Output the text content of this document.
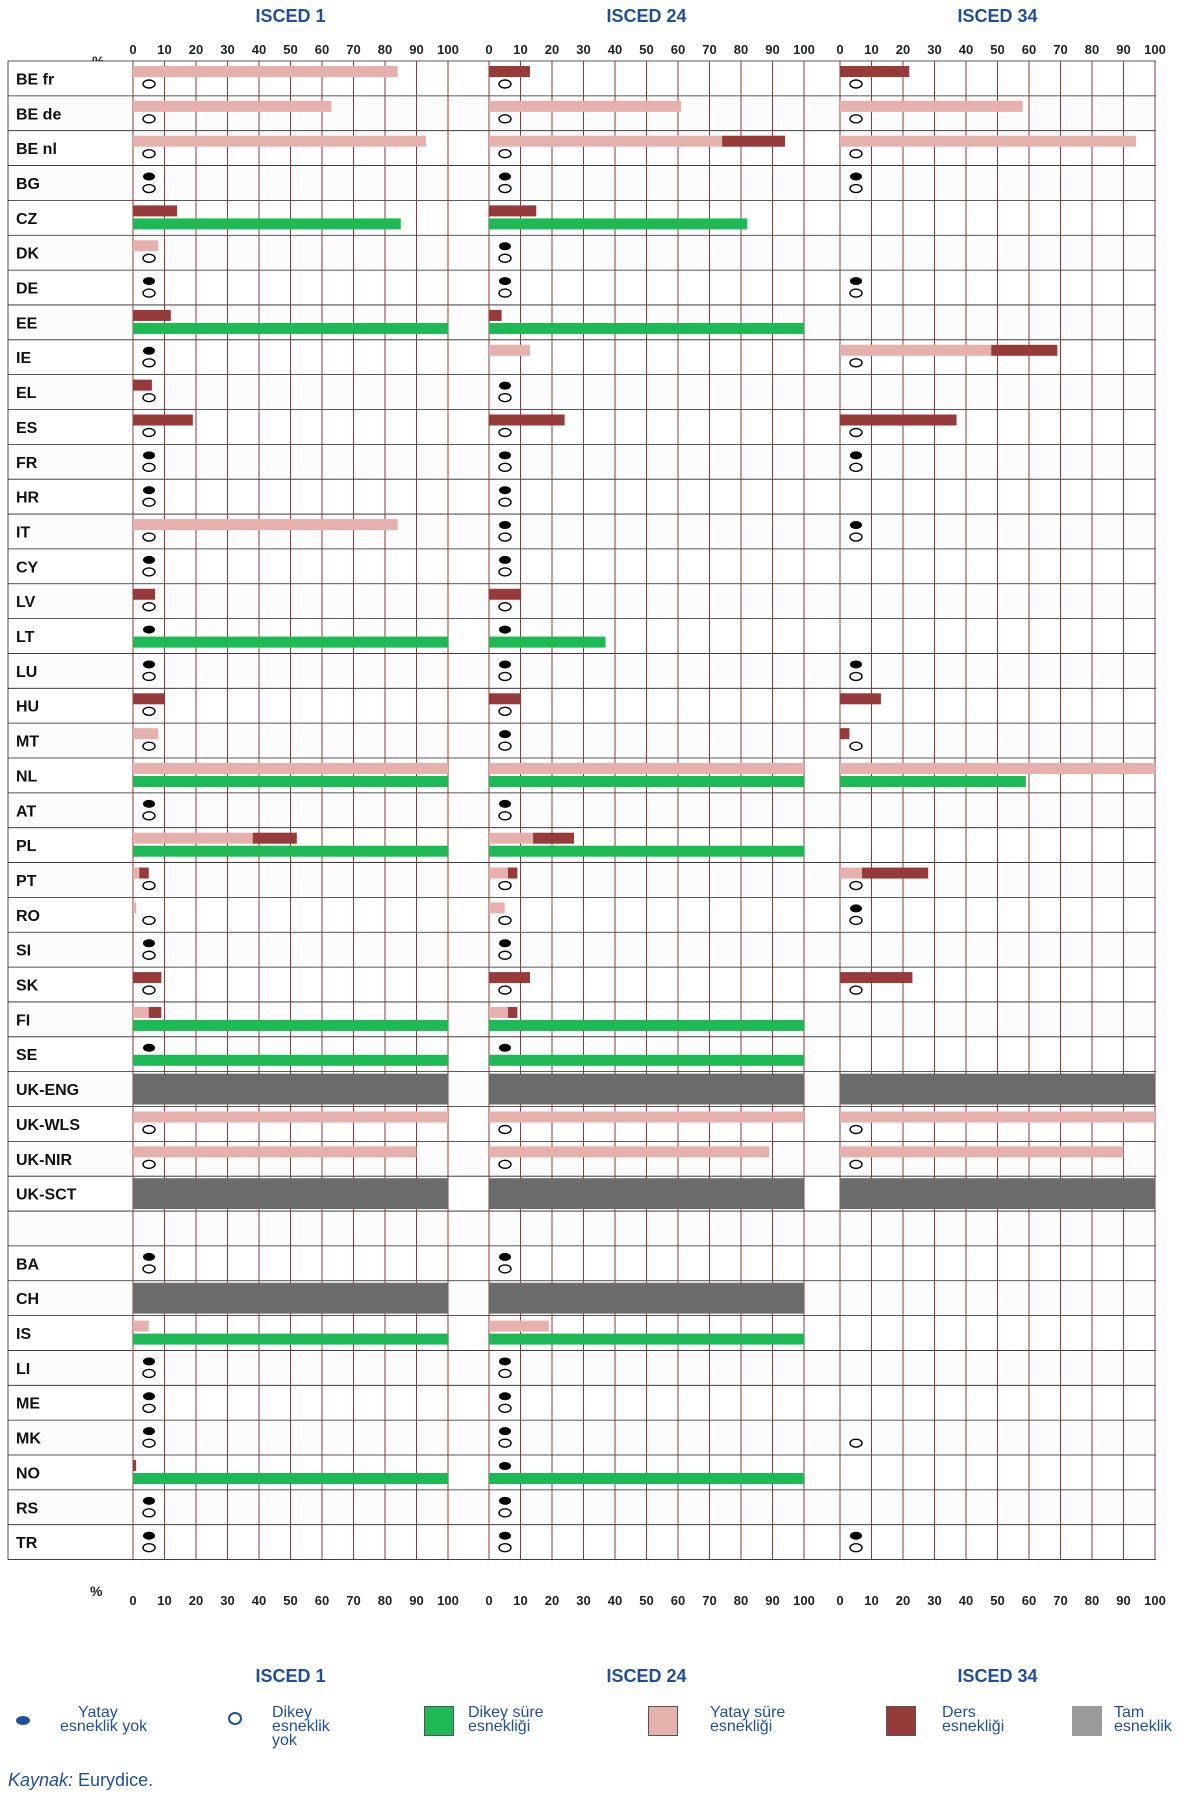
ISCED 1
ISCED 1
ISCED 24
ISCED 24
ISCED 34
ISCED 34
%
0
0
10
10
20
20
30
30
40
40
50
50
60
60
70
70
80
80
90
90
100
100
0
0
10
10
20
20
30
30
40
40
50
50
60
60
70
70
80
80
90
90
100
100
0
0
10
10
20
20
30
30
40
40
50
50
60
60
70
70
80
80
90
90
100
100
BE fr
BE de
BE nl
BG
CZ
DK
DE
EE
IE
EL
ES
FR
HR
IT
CY
LV
LT
LU
HU
MT
NL
AT
PL
PT
RO
SI
SK
FI
SE
UK-ENG
UK-WLS
UK-NIR
UK-SCT
BA
CH
IS
LI
ME
MK
NO
RS
TR
Yatay
esneklik yok
Dikey
esneklik
yok
Dikey süre
esnekliği
Yatay süre
esnekliği
Ders
esnekliği
Tam
esneklik
Kaynak: Eurydice.
